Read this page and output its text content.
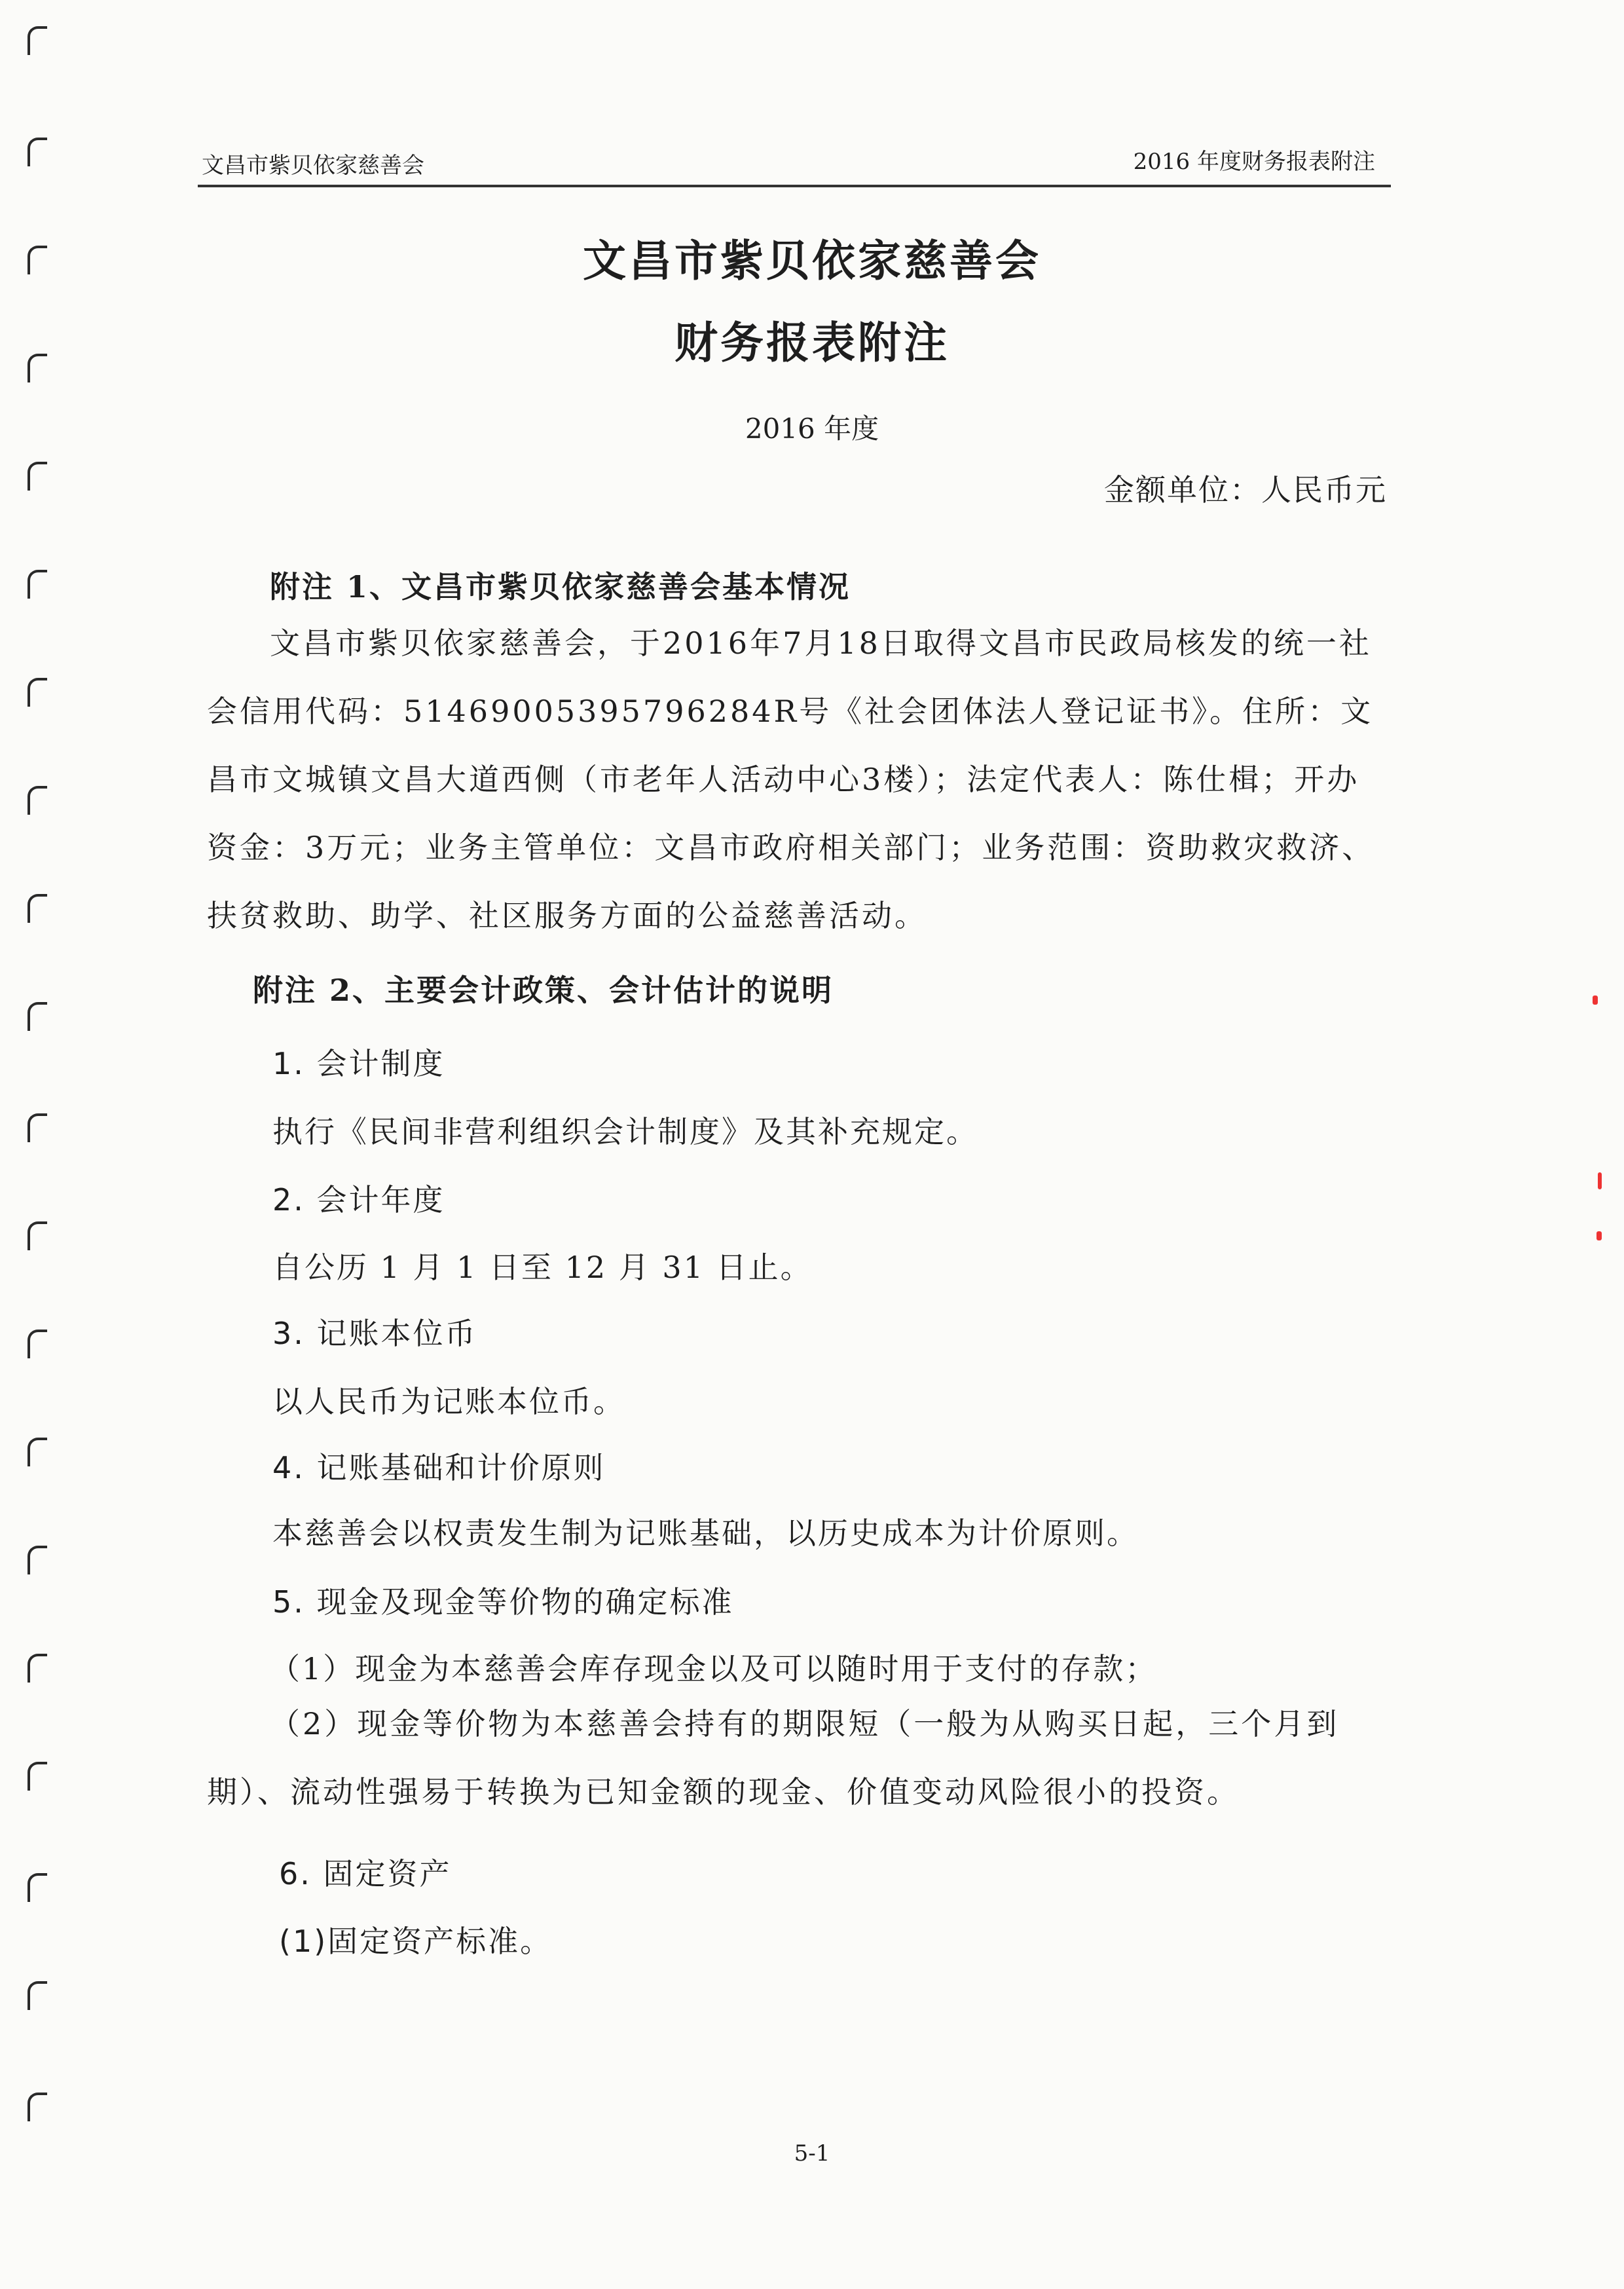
文昌市紫贝依家慈善会	2016 年度财务报表附注
文昌市紫贝依家慈善会
财务报表附注
2016 年度
金额单位：人民币元
附注 1、文昌市紫贝依家慈善会基本情况
文昌市紫贝依家慈善会，于2016年7月18日取得文昌市民政局核发的统一社会信用代码：51469005395796284R号《社会团体法人登记证书》。住所：文昌市文城镇文昌大道西侧（市老年人活动中心3楼）；法定代表人：陈仕楫；开办资金：3万元；业务主管单位：文昌市政府相关部门；业务范围：资助救灾救济、扶贫救助、助学、社区服务方面的公益慈善活动。
附注 2、主要会计政策、会计估计的说明
1. 会计制度
执行《民间非营利组织会计制度》及其补充规定。
2. 会计年度
自公历 1 月 1 日至 12 月 31 日止。
3. 记账本位币
以人民币为记账本位币。
4. 记账基础和计价原则
本慈善会以权责发生制为记账基础，以历史成本为计价原则。
5. 现金及现金等价物的确定标准
（1）现金为本慈善会库存现金以及可以随时用于支付的存款；
（2）现金等价物为本慈善会持有的期限短（一般为从购买日起，三个月到期）、流动性强易于转换为已知金额的现金、价值变动风险很小的投资。
6. 固定资产
(1)固定资产标准。
5-1
